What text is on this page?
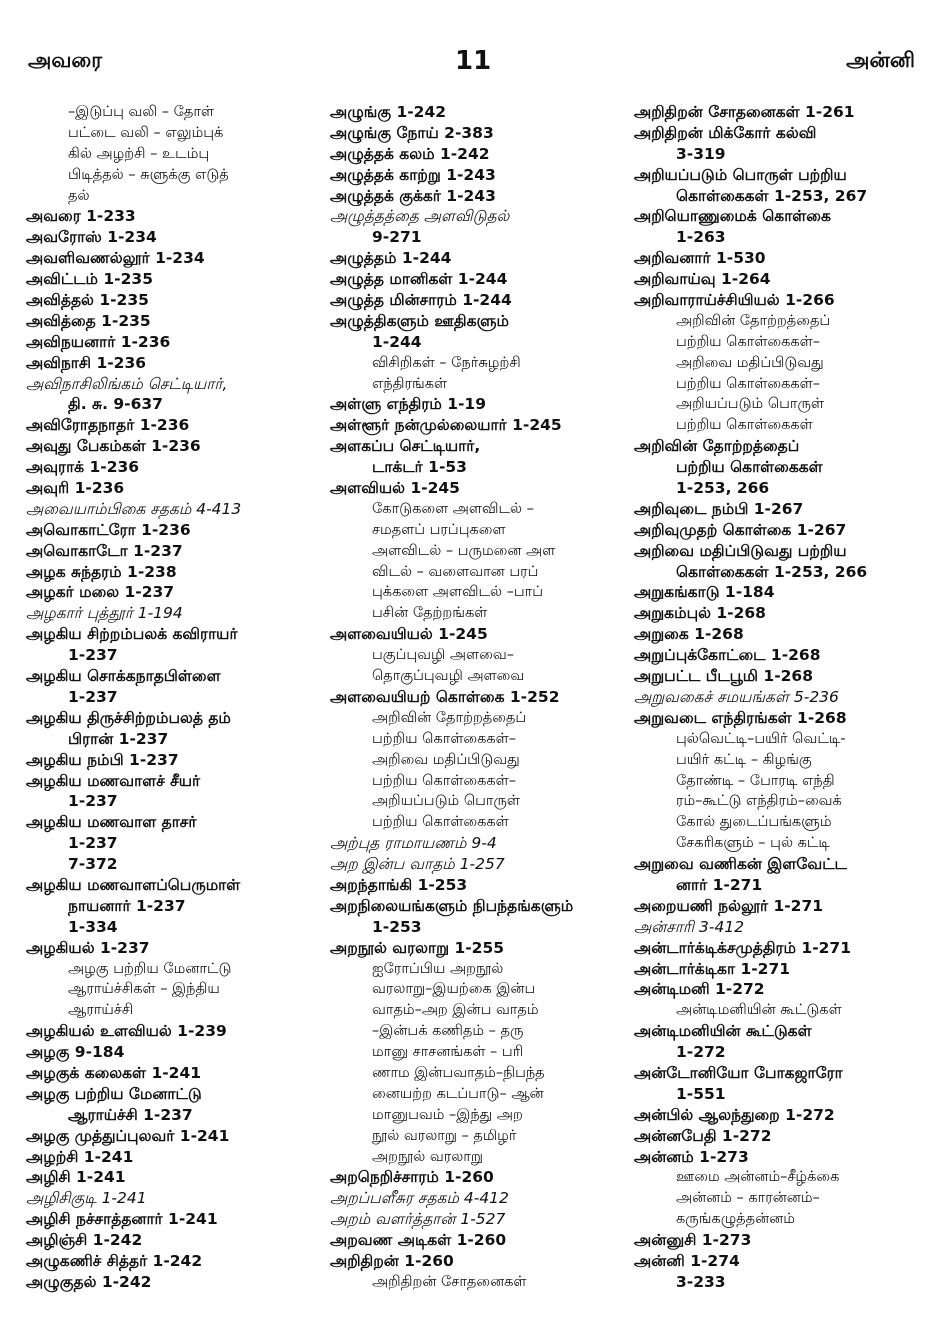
அவரை	11	அன்னி
–இடுப்பு வலி – தோள்
பட்டை வலி – எலும்புக்
கில் அழற்சி – உடம்பு
பிடித்தல் – சுளுக்கு எடுத்
தல்
அவரை 1-233
அவரோஸ் 1-234
அவளிவணல்லூர் 1-234
அவிட்டம் 1-235
அவித்தல் 1-235
அவித்தை 1-235
அவிநயனார் 1-236
அவிநாசி 1-236
அவிநாசிலிங்கம் செட்டியார்,
தி. சு. 9-637
அவிரோதநாதர் 1-236
அவுது பேகம்கள் 1-236
அவுராக் 1-236
அவுரி 1-236
அவையாம்பிகை சதகம் 4-413
அவொகாட்ரோ 1-236
அவொகாடோ 1-237
அழக சுந்தரம் 1-238
அழகர் மலை 1-237
அழகார் புத்தூர் 1-194
அழகிய சிற்றம்பலக் கவிராயர்
1-237
அழகிய சொக்கநாதபிள்ளை
1-237
அழகிய திருச்சிற்றம்பலத் தம்
பிரான் 1-237
அழகிய நம்பி 1-237
அழகிய மணவாளச் சீயர்
1-237
அழகிய மணவாள தாசர்
1-237
7-372
அழகிய மணவாளப்பெருமாள்
நாயனார் 1-237
1-334
அழகியல் 1-237
அழகு பற்றிய மேனாட்டு
ஆராய்ச்சிகள் – இந்திய
ஆராய்ச்சி
அழகியல் உளவியல் 1-239
அழகு 9-184
அழகுக் கலைகள் 1-241
அழகு பற்றிய மேனாட்டு
ஆராய்ச்சி 1-237
அழகு முத்துப்புலவர் 1-241
அழற்சி 1-241
அழிசி 1-241
அழிசிகுடி 1-241
அழிசி நச்சாத்தனார் 1-241
அழிஞ்சி 1-242
அழுகணிச் சித்தர் 1-242
அழுகுதல் 1-242
அழுங்கு 1-242
அழுங்கு நோய் 2-383
அழுத்தக் கலம் 1-242
அழுத்தக் காற்று 1-243
அழுத்தக் குக்கர் 1-243
அழுத்தத்தை அளவிடுதல்
9-271
அழுத்தம் 1-244
அழுத்த மானிகள் 1-244
அழுத்த மின்சாரம் 1-244
அழுத்திகளும் ஊதிகளும்
1-244
விசிறிகள் – நேர்சுழற்சி
எந்திரங்கள்
அள்ளு எந்திரம் 1-19
அள்ளூர் நன்முல்லையார் 1-245
அளகப்ப செட்டியார்,
டாக்டர் 1-53
அளவியல் 1-245
கோடுகளை அளவிடல் –
சமதளப் பரப்புகளை
அளவிடல் – பருமனை அள
விடல் – வளைவான பரப்
புக்களை அளவிடல் –பாப்
பசின் தேற்றங்கள்
அளவையியல் 1-245
பகுப்புவழி அளவை–
தொகுப்புவழி அளவை
அளவையியற் கொள்கை 1-252
அறிவின் தோற்றத்தைப்
பற்றிய கொள்கைகள்–
அறிவை மதிப்பிடுவது
பற்றிய கொள்கைகள்–
அறியப்படும் பொருள்
பற்றிய கொள்கைகள்
அற்புத ராமாயணம் 9-4
அற இன்ப வாதம் 1-257
அறந்தாங்கி 1-253
அறநிலையங்களும் நிபந்தங்களும்
1-253
அறநூல் வரலாறு 1-255
ஐரோப்பிய அறநூல்
வரலாறு–இயற்கை இன்ப
வாதம்–அற இன்ப வாதம்
–இன்பக் கணிதம் – தரு
மானு சாசனங்கள் – பரி
ணாம இன்பவாதம்–நிபந்த
னையற்ற கடப்பாடு– ஆன்
மானுபவம் –இந்து அற
நூல் வரலாறு – தமிழர்
அறநூல் வரலாறு
அறநெறிச்சாரம் 1-260
அறப்பளீசுர சதகம் 4-412
அறம் வளர்த்தான் 1-527
அறவண அடிகள் 1-260
அறிதிறன் 1-260
அறிதிறன் சோதனைகள்
அறிதிறன் சோதனைகள் 1-261
அறிதிறன் மிக்கோர் கல்வி
3-319
அறியப்படும் பொருள் பற்றிய
கொள்கைகள் 1-253, 267
அறியொணுமைக் கொள்கை
1-263
அறிவனார் 1-530
அறிவாய்வு 1-264
அறிவாராய்ச்சியியல் 1-266
அறிவின் தோற்றத்தைப்
பற்றிய கொள்கைகள்–
அறிவை மதிப்பிடுவது
பற்றிய கொள்கைகள்–
அறியப்படும் பொருள்
பற்றிய கொள்கைகள்
அறிவின் தோற்றத்தைப்
பற்றிய கொள்கைகள்
1-253, 266
அறிவுடை நம்பி 1-267
அறிவுமுதற் கொள்கை 1-267
அறிவை மதிப்பிடுவது பற்றிய
கொள்கைகள் 1-253, 266
அறுகங்காடு 1-184
அறுகம்புல் 1-268
அறுகை 1-268
அறுப்புக்கோட்டை 1-268
அறுபட்ட பீடபூமி 1-268
அறுவகைச் சமயங்கள் 5-236
அறுவடை எந்திரங்கள் 1-268
புல்வெட்டி–பயிர் வெட்டி-
பயிர் கட்டி – கிழங்கு
தோண்டி – போரடி எந்தி
ரம்–கூட்டு எந்திரம்–வைக்
கோல் துடைப்பங்களும்
சேகரிகளும் – புல் கட்டி
அறுவை வணிகன் இளவேட்ட
னார் 1-271
அறையணி நல்லூர் 1-271
அன்சாரி 3-412
அன்டார்க்டிக்சமுத்திரம் 1-271
அன்டார்க்டிகா 1-271
அன்டிமனி 1-272
அன்டிமனியின் கூட்டுகள்
அன்டிமனியின் கூட்டுகள்
1-272
அன்டோனியோ போகஜாரோ
1-551
அன்பில் ஆலந்துறை 1-272
அன்னபேதி 1-272
அன்னம் 1-273
ஊமை அன்னம்–சீழ்க்கை
அன்னம் – காரன்னம்–
கருங்கழுத்தன்னம்
அன்னுசி 1-273
அன்னி 1-274
3-233
